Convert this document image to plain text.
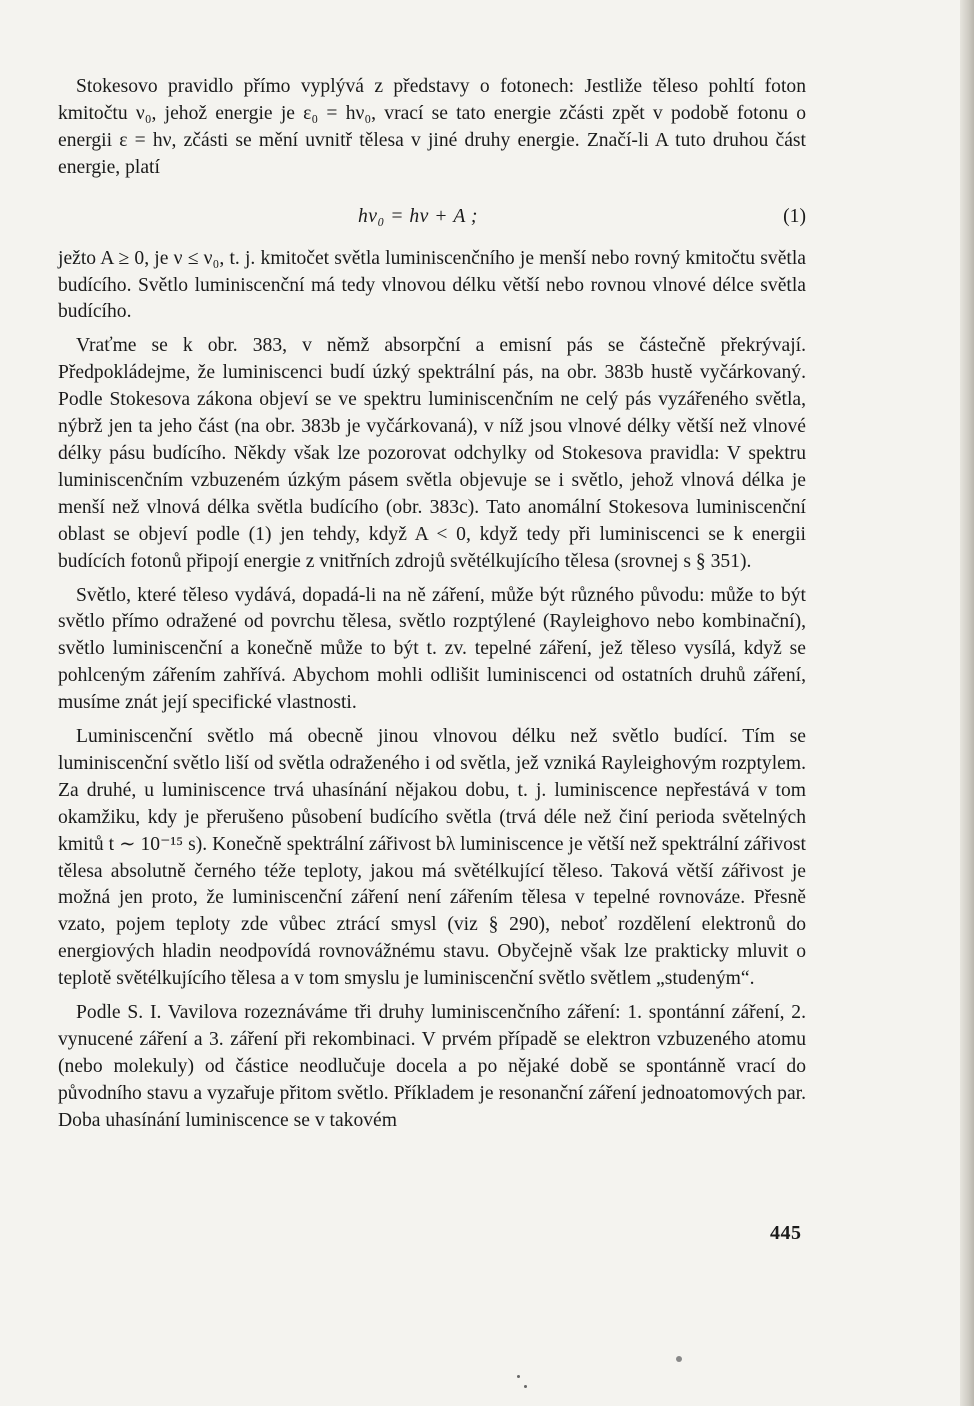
Stokesovo pravidlo přímo vyplývá z představy o fotonech: Jestliže těleso pohltí foton kmitočtu ν₀, jehož energie je ε₀ = hν₀, vrací se tato energie zčásti zpět v podobě fotonu o energii ε = hν, zčásti se mění uvnitř tělesa v jiné druhy energie. Značí-li A tuto druhou část energie, platí

hν₀ = hν + A ;	(1)

ježto A ≥ 0, je ν ≤ ν₀, t. j. kmitočet světla luminiscenčního je menší nebo rovný kmitočtu světla budícího. Světlo luminiscenční má tedy vlnovou délku větší nebo rovnou vlnové délce světla budícího.

Vraťme se k obr. 383, v němž absorpční a emisní pás se částečně překrývají. Předpokládejme, že luminiscenci budí úzký spektrální pás, na obr. 383b hustě vyčárkovaný. Podle Stokesova zákona objeví se ve spektru luminiscenčním ne celý pás vyzářeného světla, nýbrž jen ta jeho část (na obr. 383b je vyčárkovaná), v níž jsou vlnové délky větší než vlnové délky pásu budícího. Někdy však lze pozorovat odchylky od Stokesova pravidla: V spektru luminiscenčním vzbuzeném úzkým pásem světla objevuje se i světlo, jehož vlnová délka je menší než vlnová délka světla budícího (obr. 383c). Tato anomální Stokesova luminiscenční oblast se objeví podle (1) jen tehdy, když A < 0, když tedy při luminiscenci se k energii budících fotonů připojí energie z vnitřních zdrojů světélkujícího tělesa (srovnej s § 351).

Světlo, které těleso vydává, dopadá-li na ně záření, může být různého původu: může to být světlo přímo odražené od povrchu tělesa, světlo rozptýlené (Rayleighovo nebo kombinační), světlo luminiscenční a konečně může to být t. zv. tepelné záření, jež těleso vysílá, když se pohlceným zářením zahřívá. Abychom mohli odlišit luminiscenci od ostatních druhů záření, musíme znát její specifické vlastnosti.

Luminiscenční světlo má obecně jinou vlnovou délku než světlo budící. Tím se luminiscenční světlo liší od světla odraženého i od světla, jež vzniká Rayleighovým rozptylem. Za druhé, u luminiscence trvá uhasínání nějakou dobu, t. j. luminiscence nepřestává v tom okamžiku, kdy je přerušeno působení budícího světla (trvá déle než činí perioda světelných kmitů t ∼ 10⁻¹⁵ s). Konečně spektrální zářivost bλ luminiscence je větší než spektrální zářivost tělesa absolutně černého téže teploty, jakou má světélkující těleso. Taková větší zářivost je možná jen proto, že luminiscenční záření není zářením tělesa v tepelné rovnováze. Přesně vzato, pojem teploty zde vůbec ztrácí smysl (viz § 290), neboť rozdělení elektronů do energiových hladin neodpovídá rovnovážnému stavu. Obyčejně však lze prakticky mluvit o teplotě světélkujícího tělesa a v tom smyslu je luminiscenční světlo světlem „studeným“.

Podle S. I. Vavilova rozeznáváme tři druhy luminiscenčního záření: 1. spontánní záření, 2. vynucené záření a 3. záření při rekombinaci. V prvém případě se elektron vzbuzeného atomu (nebo molekuly) od částice neodlučuje docela a po nějaké době se spontánně vrací do původního stavu a vyzařuje přitom světlo. Příkladem je resonanční záření jednoatomových par. Doba uhasínání luminiscence se v takovém

445
